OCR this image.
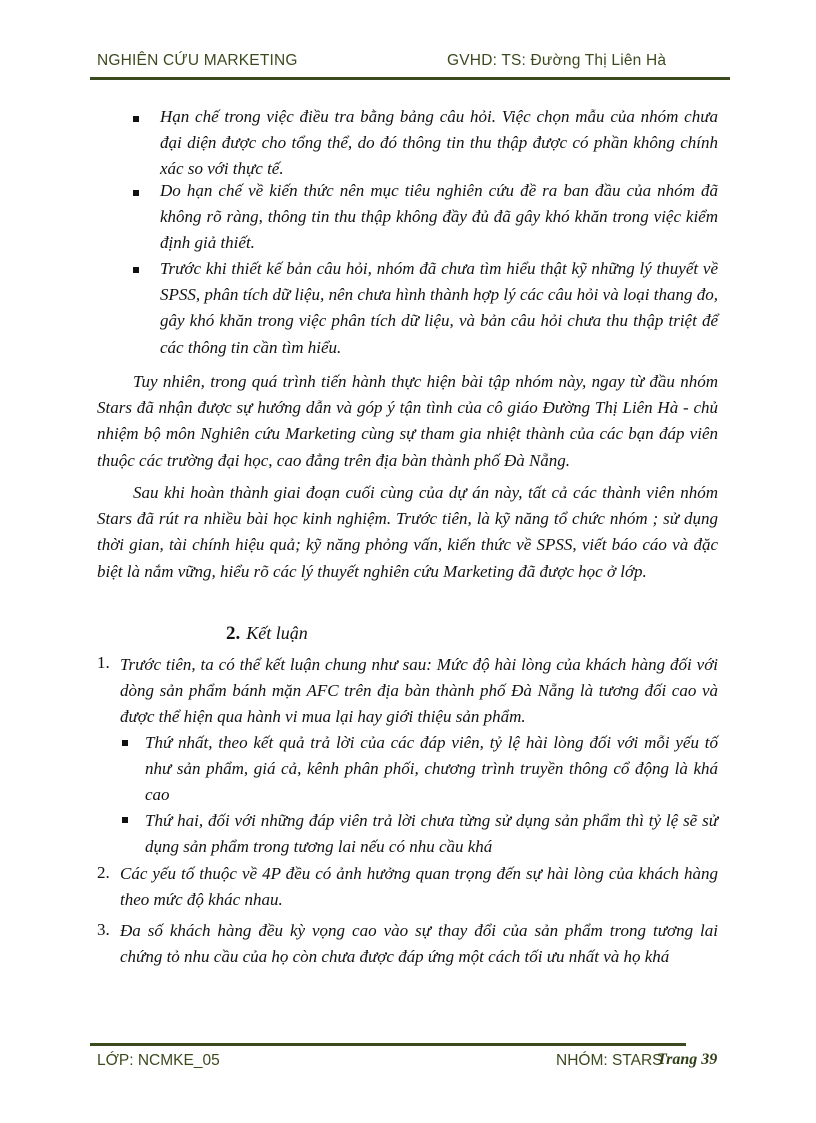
NGHIÊN CỨU MARKETING	GVHD: TS: Đường Thị Liên Hà
Hạn chế trong việc điều tra bằng bảng câu hỏi. Việc chọn mẫu của nhóm chưa đại diện được cho tổng thể, do đó thông tin thu thập được có phần không chính xác so với thực tế.
Do hạn chế về kiến thức nên mục tiêu nghiên cứu đề ra ban đầu của nhóm đã không rõ ràng, thông tin thu thập không đầy đủ đã gây khó khăn trong việc kiểm định giả thiết.
Trước khi thiết kế bản câu hỏi, nhóm đã chưa tìm hiểu thật kỹ những lý thuyết về SPSS, phân tích dữ liệu, nên chưa hình thành hợp lý các câu hỏi và loại thang đo, gây khó khăn trong việc phân tích dữ liệu, và bản câu hỏi chưa thu thập triệt để các thông tin cần tìm hiểu.
Tuy nhiên, trong quá trình tiến hành thực hiện bài tập nhóm này, ngay từ đầu nhóm Stars đã nhận được sự hướng dẫn và góp ý tận tình của cô giáo Đường Thị Liên Hà - chủ nhiệm bộ môn Nghiên cứu Marketing cùng sự tham gia nhiệt thành của các bạn đáp viên thuộc các trường đại học, cao đẳng trên địa bàn thành phố Đà Nẵng.
Sau khi hoàn thành giai đoạn cuối cùng của dự án này, tất cả các thành viên nhóm Stars đã rút ra nhiều bài học kinh nghiệm. Trước tiên, là kỹ năng tổ chức nhóm ; sử dụng thời gian, tài chính hiệu quả; kỹ năng phỏng vấn, kiến thức về SPSS, viết báo cáo và đặc biệt là nắm vững, hiểu rõ các lý thuyết nghiên cứu Marketing đã được học ở lớp.
2. Kết luận
1. Trước tiên, ta có thể kết luận chung như sau: Mức độ hài lòng của khách hàng đối với dòng sản phẩm bánh mặn AFC trên địa bàn thành phố Đà Nẵng là tương đối cao và được thể hiện qua hành vi mua lại hay giới thiệu sản phẩm.
Thứ nhất, theo kết quả trả lời của các đáp viên, tỷ lệ hài lòng đối với mỗi yếu tố như sản phẩm, giá cả, kênh phân phối, chương trình truyền thông cổ động là khá cao
Thứ hai, đối với những đáp viên trả lời chưa từng sử dụng sản phẩm thì tỷ lệ sẽ sử dụng sản phẩm trong tương lai nếu có nhu cầu khá
2. Các yếu tố thuộc về 4P đều có ảnh hưởng quan trọng đến sự hài lòng của khách hàng theo mức độ khác nhau.
3. Đa số khách hàng đều kỳ vọng cao vào sự thay đổi của sản phẩm trong tương lai chứng tỏ nhu cầu của họ còn chưa được đáp ứng một cách tối ưu nhất và họ khá
LỚP: NCMKE_05	NHÓM: STARS
Trang 39
